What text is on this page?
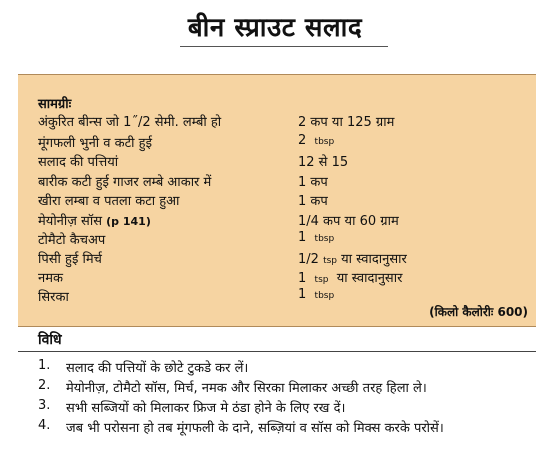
बीन स्प्राउट सलाद
सामग्रीः
अंकुरित बीन्स जो 1˝/2 सेमी. लम्बी हो	2 कप या 125 ग्राम
मूंगफली भुनी व कटी हुई	2 tbsp
सलाद की पत्तियां	12 से 15
बारीक कटी हुई गाजर लम्बे आकार में	1 कप
खीरा लम्बा व पतला कटा हुआ	1 कप
मेयोनीज़ सॉस (p 141)	1/4 कप या 60 ग्राम
टोमैटो कैचअप	1 tbsp
पिसी हुई मिर्च	1/2 tsp या स्वादानुसार
नमक	1 tsp या स्वादानुसार
सिरका	1 tbsp
(किलो कैलोरीः 600)
विधि
1. सलाद की पत्तियों के छोटे टुकडे कर लें।
2. मेयोनीज़, टोमैटो सॉस, मिर्च, नमक और सिरका मिलाकर अच्छी तरह हिला ले।
3. सभी सब्जियों को मिलाकर फ्रिज मे ठंडा होने के लिए रख दें।
4. जब भी परोसना हो तब मूंगफली के दाने, सब्ज़ियां व सॉस को मिक्स करके परोसें।
